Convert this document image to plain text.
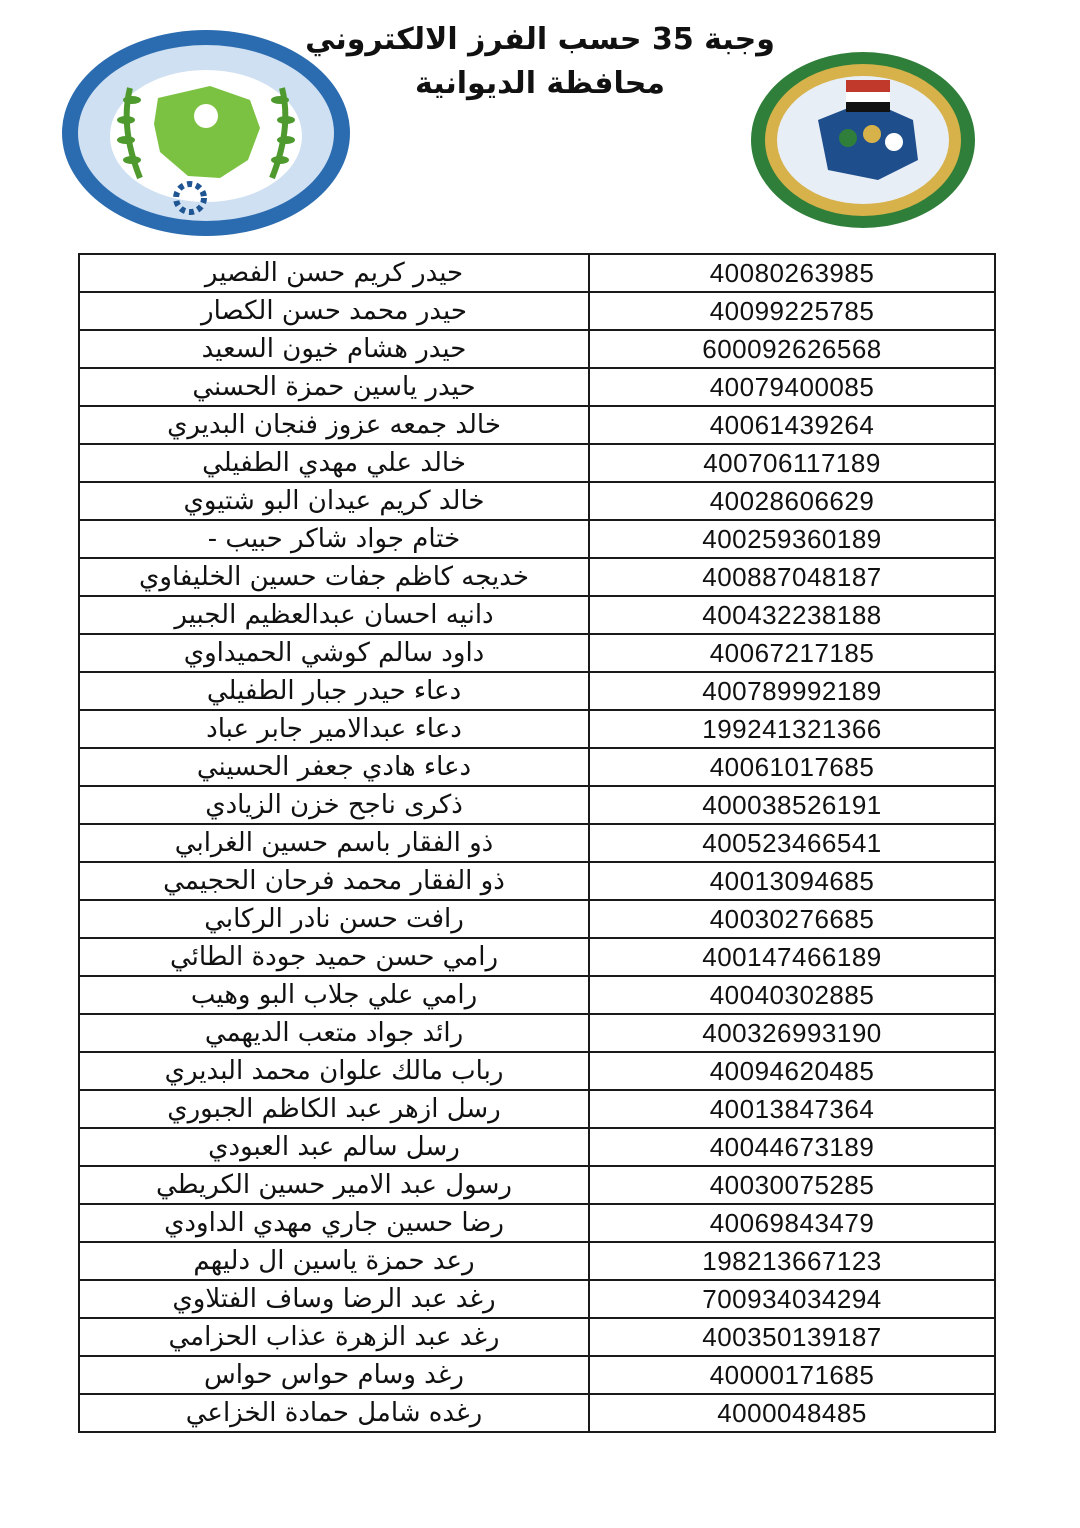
وجبة 35 حسب الفرز الالكتروني
محافظة الديوانية
حيدر كريم حسن الفصير	40080263985
حيدر محمد حسن الكصار	40099225785
حيدر هشام خيون السعيد	600092626568
حيدر ياسين حمزة الحسني	40079400085
خالد جمعه عزوز فنجان البديري	40061439264
خالد علي مهدي الطفيلي	400706117189
خالد كريم عيدان البو شتيوي	40028606629
ختام جواد شاكر حبيب -	400259360189
خديجه كاظم جفات حسين الخليفاوي	400887048187
دانيه احسان عبدالعظيم الجبير	400432238188
داود سالم كوشي الحميداوي	40067217185
دعاء حيدر جبار الطفيلي	400789992189
دعاء عبدالامير جابر عباد	199241321366
دعاء هادي جعفر الحسيني	40061017685
ذكرى ناجح خزن الزيادي	400038526191
ذو الفقار باسم حسين الغرابي	400523466541
ذو الفقار محمد فرحان الحجيمي	40013094685
رافت حسن نادر الركابي	40030276685
رامي حسن حميد جودة الطائي	400147466189
رامي علي جلاب البو وهيب	40040302885
رائد جواد متعب الديهمي	400326993190
رباب مالك علوان محمد البديري	40094620485
رسل ازهر عبد الكاظم الجبوري	40013847364
رسل سالم عبد العبودي	40044673189
رسول عبد الامير حسين الكريطي	40030075285
رضا حسين جاري مهدي الداودي	40069843479
رعد حمزة ياسين ال دليهم	198213667123
رغد عبد الرضا وساف الفتلاوي	700934034294
رغد عبد الزهرة عذاب الحزامي	400350139187
رغد وسام حواس حواس	40000171685
رغده شامل حمادة الخزاعي	4000048485
